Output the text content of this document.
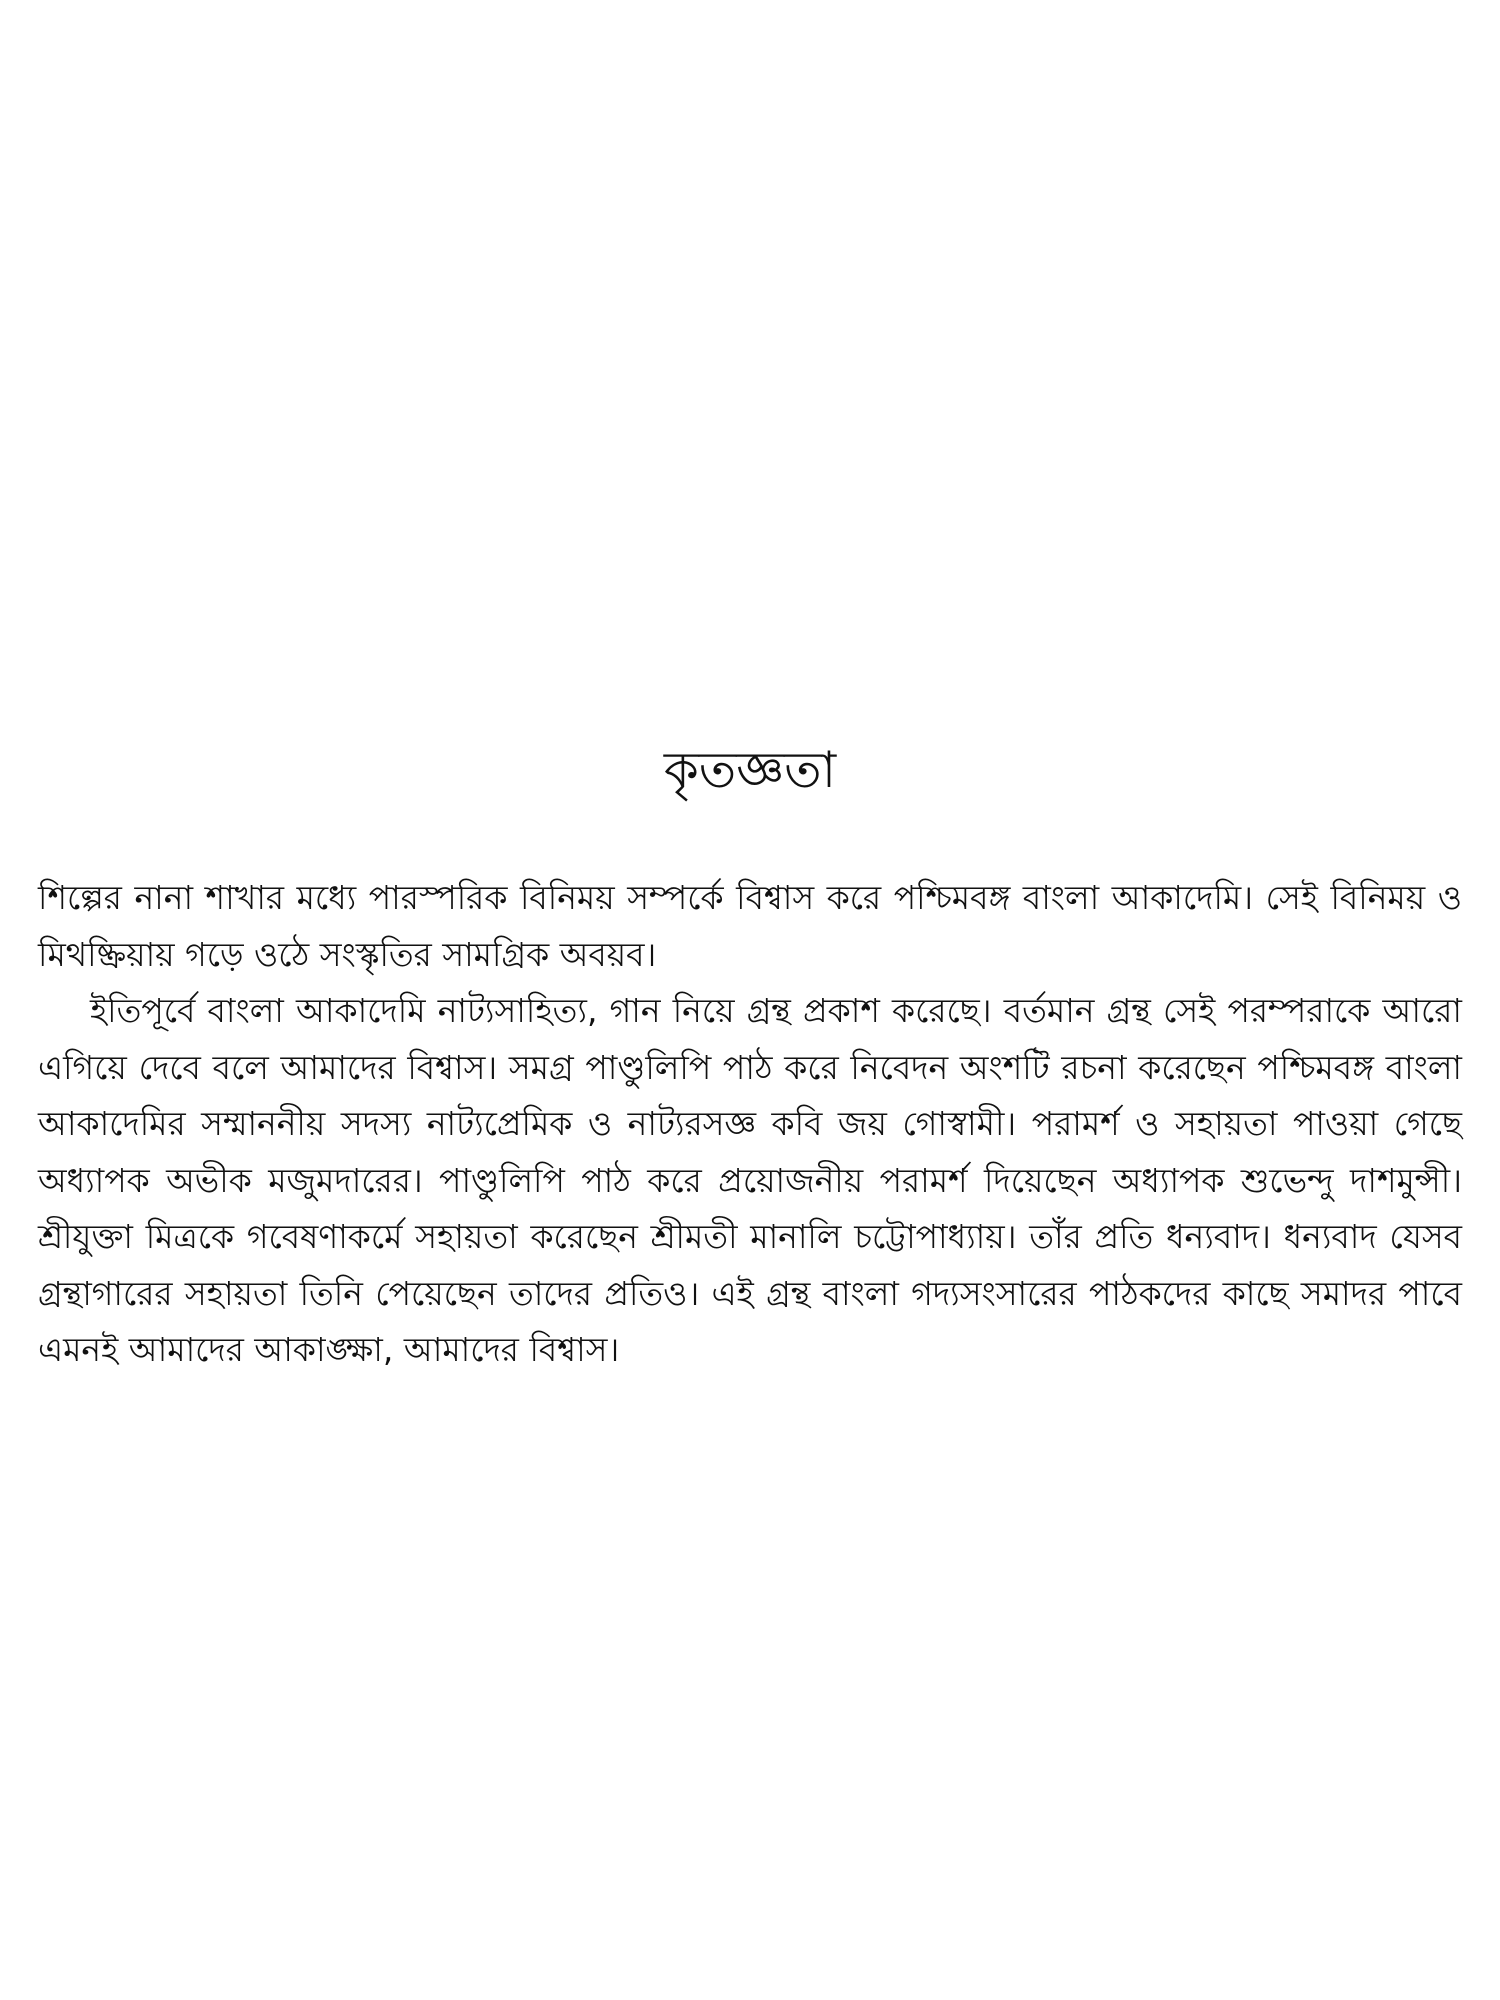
কৃতজ্ঞতা

শিল্পের নানা শাখার মধ্যে পারস্পরিক বিনিময় সম্পর্কে বিশ্বাস করে পশ্চিমবঙ্গ বাংলা আকাদেমি। সেই বিনিময় ও মিথষ্ক্রিয়ায় গড়ে ওঠে সংস্কৃতির সামগ্রিক অবয়ব।

ইতিপূর্বে বাংলা আকাদেমি নাট্যসাহিত্য, গান নিয়ে গ্রন্থ প্রকাশ করেছে। বর্তমান গ্রন্থ সেই পরম্পরাকে আরো এগিয়ে দেবে বলে আমাদের বিশ্বাস। সমগ্র পাণ্ডুলিপি পাঠ করে নিবেদন অংশটি রচনা করেছেন পশ্চিমবঙ্গ বাংলা আকাদেমির সম্মাননীয় সদস্য নাট্যপ্রেমিক ও নাট্যরসজ্ঞ কবি জয় গোস্বামী। পরামর্শ ও সহায়তা পাওয়া গেছে অধ্যাপক অভীক মজুমদারের। পাণ্ডুলিপি পাঠ করে প্রয়োজনীয় পরামর্শ দিয়েছেন অধ্যাপক শুভেন্দু দাশমুন্সী। শ্রীযুক্তা মিত্রকে গবেষণাকর্মে সহায়তা করেছেন শ্রীমতী মানালি চট্টোপাধ্যায়। তাঁর প্রতি ধন্যবাদ। ধন্যবাদ যেসব গ্রন্থাগারের সহায়তা তিনি পেয়েছেন তাদের প্রতিও। এই গ্রন্থ বাংলা গদ্যসংসারের পাঠকদের কাছে সমাদর পাবে এমনই আমাদের আকাঙ্ক্ষা, আমাদের বিশ্বাস।
